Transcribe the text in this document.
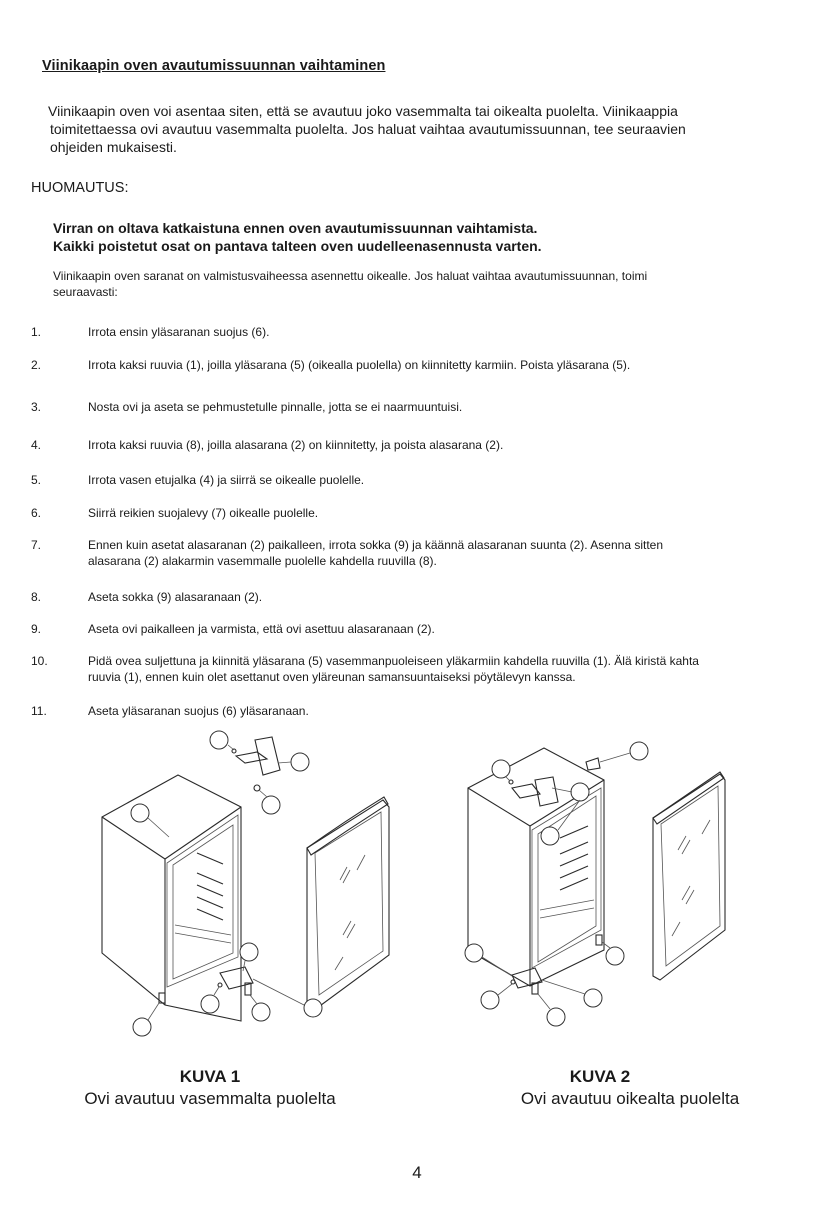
Viinikaapin oven avautumissuunnan vaihtaminen
Viinikaapin oven voi asentaa siten, että se avautuu joko vasemmalta tai oikealta puolelta. Viinikaappia
toimitettaessa ovi avautuu vasemmalta puolelta. Jos haluat vaihtaa avautumissuunnan, tee seuraavien
ohjeiden mukaisesti.
HUOMAUTUS:
Virran on oltava katkaistuna ennen oven avautumissuunnan vaihtamista.
Kaikki poistetut osat on pantava talteen oven uudelleenasennusta varten.
Viinikaapin oven saranat on valmistusvaiheessa asennettu oikealle. Jos haluat vaihtaa avautumissuunnan, toimi
seuraavasti:
1.	Irrota ensin yläsaranan suojus (6).
2.	Irrota kaksi ruuvia (1), joilla yläsarana (5) (oikealla puolella) on kiinnitetty karmiin. Poista yläsarana (5).
3.	Nosta ovi ja aseta se pehmustetulle pinnalle, jotta se ei naarmuuntuisi.
4.	Irrota kaksi ruuvia (8), joilla alasarana (2) on kiinnitetty, ja poista alasarana (2).
5.	Irrota vasen etujalka (4) ja siirrä se oikealle puolelle.
6.	Siirrä reikien suojalevy (7) oikealle puolelle.
7.	Ennen kuin asetat alasaranan (2) paikalleen, irrota sokka (9) ja käännä alasaranan suunta (2). Asenna sitten
alasarana (2) alakarmin vasemmalle puolelle kahdella ruuvilla (8).
8.	Aseta sokka (9) alasaranaan (2).
9.	Aseta ovi paikalleen ja varmista, että ovi asettuu alasaranaan (2).
10.	Pidä ovea suljettuna ja kiinnitä yläsarana (5) vasemmanpuoleiseen yläkarmiin kahdella ruuvilla (1). Älä kiristä kahta
ruuvia (1), ennen kuin olet asettanut oven yläreunan samansuuntaiseksi pöytälevyn kanssa.
11.	Aseta yläsaranan suojus (6) yläsaranaan.
KUVA 1
Ovi avautuu vasemmalta puolelta
KUVA 2
Ovi avautuu oikealta puolelta
4
